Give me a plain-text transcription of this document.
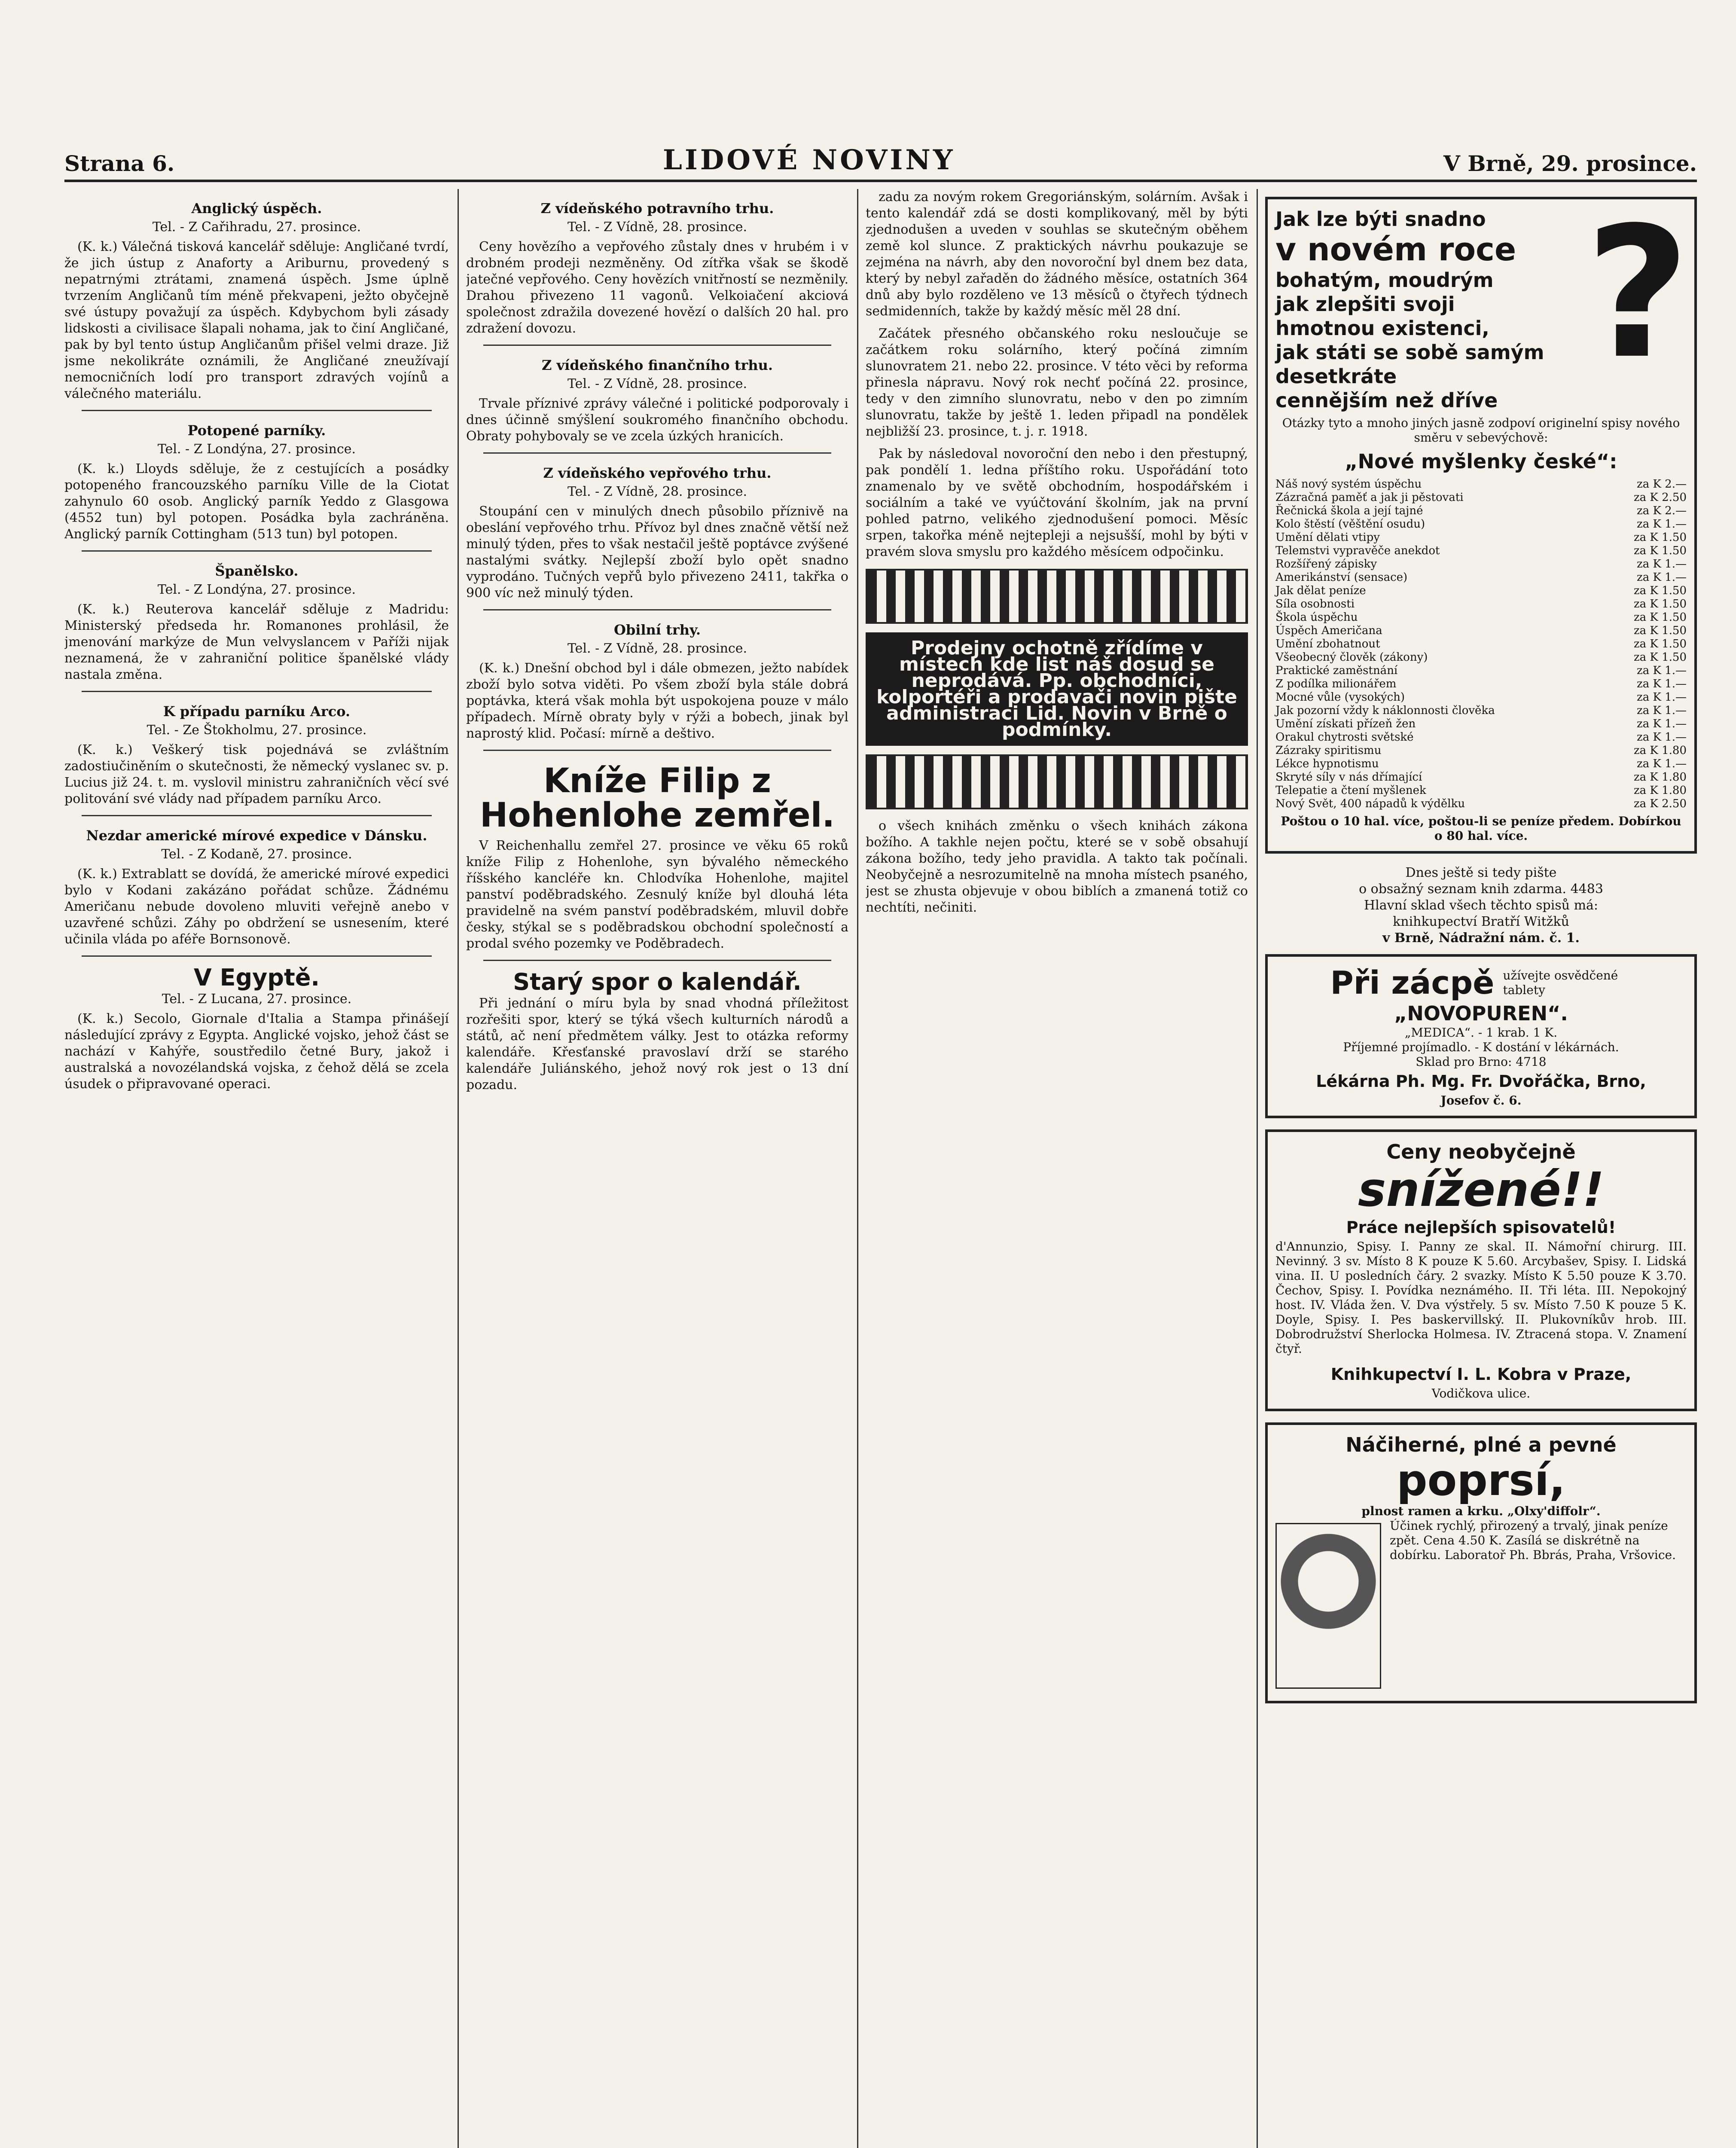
Strana 6.	LIDOVÉ NOVINY	V Brně, 29. prosince.
Anglický úspěch.
Tel. - Z Cařihradu, 27. prosince.

(K. k.) Válečná tisková kancelář sděluje: Angličané tvrdí, že jich ústup z Anaforty a Ariburnu, provedený s nepatrnými ztrátami, znamená úspěch. Jsme úplně tvrzením Angličanů tím méně překvapeni, ježto obyčejně své ústupy považují za úspěch. Kdybychom byli zásady lidskosti a civilisace šlapali nohama, jak to činí Angličané, pak by byl tento ústup Angličanům přišel velmi draze. Již jsme nekolikráte oznámili, že Angličané zneužívají nemocničních lodí pro transport zdravých vojínů a válečného materiálu.

Potopené parníky.
Tel. - Z Londýna, 27. prosince.

(K. k.) Lloyds sděluje, že z cestujících a posádky potopeného francouzského parníku Ville de la Ciotat zahynulo 60 osob. Anglický parník Yeddo z Glasgowa (4552 tun) byl potopen. Posádka byla zachráněna. Anglický parník Cottingham (513 tun) byl potopen.

Španělsko.
Tel. - Z Londýna, 27. prosince.

(K. k.) Reuterova kancelář sděluje z Madridu: Ministerský předseda hr. Romanones prohlásil, že jmenování markýze de Mun velvyslancem v Paříži nijak neznamená, že v zahraniční politice španělské vlády nastala změna.

K případu parníku Arco.
Tel. - Ze Štokholmu, 27. prosince.

(K. k.) Veškerý tisk pojednává se zvláštním zadostiučiněním o skutečnosti, že německý vyslanec sv. p. Lucius již 24. t. m. vyslovil ministru zahraničních věcí své politování své vlády nad případem parníku Arco.

Nezdar americké mírové expedice v Dánsku.
Tel. - Z Kodaně, 27. prosince.

(K. k.) Extrablatt se dovídá, že americké mírové expedici bylo v Kodani zakázáno pořádat schůze. Žádnému Američanu nebude dovoleno mluviti veřejně anebo v uzavřené schůzi. Záhy po obdržení se usnesením, které učinila vláda po aféře Bornsonově.

V Egyptě.
Tel. - Z Lucana, 27. prosince.

(K. k.) Secolo, Giornale d'Italia a Stampa přinášejí následující zprávy z Egypta. Anglické vojsko, jehož část se nachází v Kahýře, soustředilo četné Bury, jakož i australská a novozélandská vojska, z čehož dělá se zcela úsudek o připravované operaci.

Z vídeňského potravního trhu.
Tel. - Z Vídně, 28. prosince.

Ceny hovězího a vepřového zůstaly dnes v hrubém i v drobném prodeji nezměněny. Od zítřka však se škodě jatečné vepřového. Ceny hovězích vnitřností se nezměnily. Drahou přivezeno 11 vagonů. Velkoiačení akciová společnost zdražila dovezené hovězí o dalších 20 hal. pro zdražení dovozu.

Z vídeňského finančního trhu.
Tel. - Z Vídně, 28. prosince.

Trvale příznivé zprávy válečné i politické podporovaly i dnes účinně smýšlení soukromého finančního obchodu. Obraty pohybovaly se ve zcela úzkých hranicích.

Z vídeňského vepřového trhu.
Tel. - Z Vídně, 28. prosince.

Stoupání cen v minulých dnech působilo příznivě na obeslání vepřového trhu. Přívoz byl dnes značně větší než minulý týden, přes to však nestačil ještě poptávce zvýšené nastalými svátky. Nejlepší zboží bylo opět snadno vyprodáno. Tučných vepřů bylo přivezeno 2411, takřka o 900 víc než minulý týden.

Obilní trhy.
Tel. - Z Vídně, 28. prosince.

(K. k.) Dnešní obchod byl i dále obmezen, ježto nabídek zboží bylo sotva viděti. Po všem zboží byla stále dobrá poptávka, která však mohla být uspokojena pouze v málo případech. Mírně obraty byly v rýži a bobech, jinak byl naprostý klid. Počasí: mírně a deštivo.

Kníže Filip z Hohenlohe zemřel.

V Reichenhallu zemřel 27. prosince ve věku 65 roků kníže Filip z Hohenlohe, syn bývalého německého říšského kancléře kn. Chlodvíka Hohenlohe, majitel panství poděbradského. Zesnulý kníže byl dlouhá léta pravidelně na svém panství poděbradském, mluvil dobře česky, stýkal se s poděbradskou obchodní společností a prodal svého pozemky ve Poděbradech.

Starý spor o kalendář.

Při jednání o míru byla by snad vhodná příležitost rozřešiti spor, který se týká všech kulturních národů a států, ač není předmětem války. Jest to otázka reformy kalendáře. Křesťanské pravoslaví drží se starého kalendáře Juliánského, jehož nový rok jest o 13 dní pozadu.

zadu za novým rokem Gregoriánským, solárním. Avšak i tento kalendář zdá se dosti komplikovaný, měl by býti zjednodušen a uveden v souhlas se skutečným oběhem země kol slunce. Z praktických návrhu poukazuje se zejména na návrh, aby den novoroční byl dnem bez data, který by nebyl zařaděn do žádného měsíce, ostatních 364 dnů aby bylo rozděleno ve 13 měsíců o čtyřech týdnech sedmidenních, takže by každý měsíc měl 28 dní.

Začátek přesného občanského roku nesloučuje se začátkem roku solárního, který počíná zimním slunovratem 21. nebo 22. prosince. V této věci by reforma přinesla nápravu. Nový rok nechť počíná 22. prosince, tedy v den zimního slunovratu, nebo v den po zimním slunovratu, takže by ještě 1. leden připadl na pondělek nejbližší 23. prosince, t. j. r. 1918.

Pak by následoval novoroční den nebo i den přestupný, pak pondělí 1. ledna příštího roku. Uspořádání toto znamenalo by ve světě obchodním, hospodářském i sociálním a také ve vyúčtování školním, jak na první pohled patrno, velikého zjednodušení pomoci. Měsíc srpen, takořka méně nejtepleji a nejsušší, mohl by býti v pravém slova smyslu pro každého měsícem odpočinku.

Prodejny ochotně zřídíme v místech kde list náš dosud se neprodává. Pp. obchodníci, kolportéři a prodavači novin pište administraci Lid. Novin v Brně o podmínky.

o všech knihách změnku o všech knihách zákona božího. A takhle nejen počtu, které se v sobě obsahují zákona božího, tedy jeho pravidla. A takto tak počínali. Neobyčejně a nesrozumitelně na mnoha místech psaného, jest se zhusta objevuje v obou biblích a zmanená totiž co nechtíti, nečiniti.

?
Jak lze býti snadno
v novém roce
bohatým, moudrým
jak zlepšiti svoji
hmotnou existenci,
jak státi se sobě samým desetkráte
cennějším než dříve
Otázky tyto a mnoho jiných jasně zodpoví originelní spisy nového směru v sebevýchově:
„Nové myšlenky české“:
Náš nový systém úspěchu	za K 2.—
Zázračná paměť a jak ji pěstovati	za K 2.50
Řečnická škola a její tajné	za K 2.—
Kolo štěstí (věštění osudu)	za K 1.—
Umění dělati vtipy	za K 1.50
Telemstvi vypravěče anekdot	za K 1.50
Rozšířený zápisky	za K 1.—
Amerikánství (sensace)	za K 1.—
Jak dělat peníze	za K 1.50
Síla osobnosti	za K 1.50
Škola úspěchu	za K 1.50
Úspěch Američana	za K 1.50
Umění zbohatnout	za K 1.50
Všeobecný člověk (zákony)	za K 1.50
Praktické zaměstnání	za K 1.—
Z podílka milionářem	za K 1.—
Mocné vůle (vysokých)	za K 1.—
Jak pozorní vždy k náklonnosti člověka	za K 1.—
Umění získati přízeň žen	za K 1.—
Orakul chytrosti světské	za K 1.—
Zázraky spiritismu	za K 1.80
Lékce hypnotismu	za K 1.—
Skryté síly v nás dřímající	za K 1.80
Telepatie a čtení myšlenek	za K 1.80
Nový Svět, 400 nápadů k výdělku	za K 2.50
Poštou o 10 hal. více, poštou-li se peníze předem. Dobírkou o 80 hal. více.
Dnes ještě si tedy pište
o obsažný seznam knih zdarma. 4483
Hlavní sklad všech těchto spisů má:
knihkupectví Bratří Witžků
v Brně, Nádražní nám. č. 1.
Při zácpě užívejte osvědčené tablety
„NOVOPUREN“.
„MEDICA“. - 1 krab. 1 K.
Příjemné projímadlo. - K dostání v lékárnách.
Sklad pro Brno: 4718
Lékárna Ph. Mg. Fr. Dvořáčka, Brno,
Josefov č. 6.
Ceny neobyčejně
snížené!!
Práce nejlepších spisovatelů!

d'Annunzio, Spisy. I. Panny ze skal. II. Námořní chirurg. III. Nevinný. 3 sv. Místo 8 K pouze K 5.60. Arcybašev, Spisy. I. Lidská vina. II. U posledních čáry. 2 svazky. Místo K 5.50 pouze K 3.70. Čechov, Spisy. I. Povídka neznámého. II. Tři léta. III. Nepokojný host. IV. Vláda žen. V. Dva výstřely. 5 sv. Místo 7.50 K pouze 5 K. Doyle, Spisy. I. Pes baskervillský. II. Plukovníkův hrob. III. Dobrodružství Sherlocka Holmesa. IV. Ztracená stopa. V. Znamení čtyř.

Knihkupectví I. L. Kobra v Praze,
Vodičkova ulice.
Náčiherné, plné a pevné
poprsí,
plnost ramen a krku. „Olxy'diffolr“.

Účinek rychlý, přirozený a trvalý, jinak peníze zpět. Cena 4.50 K. Zasílá se diskrétně na dobírku. Laboratoř Ph. Bbrás, Praha, Vršovice.
